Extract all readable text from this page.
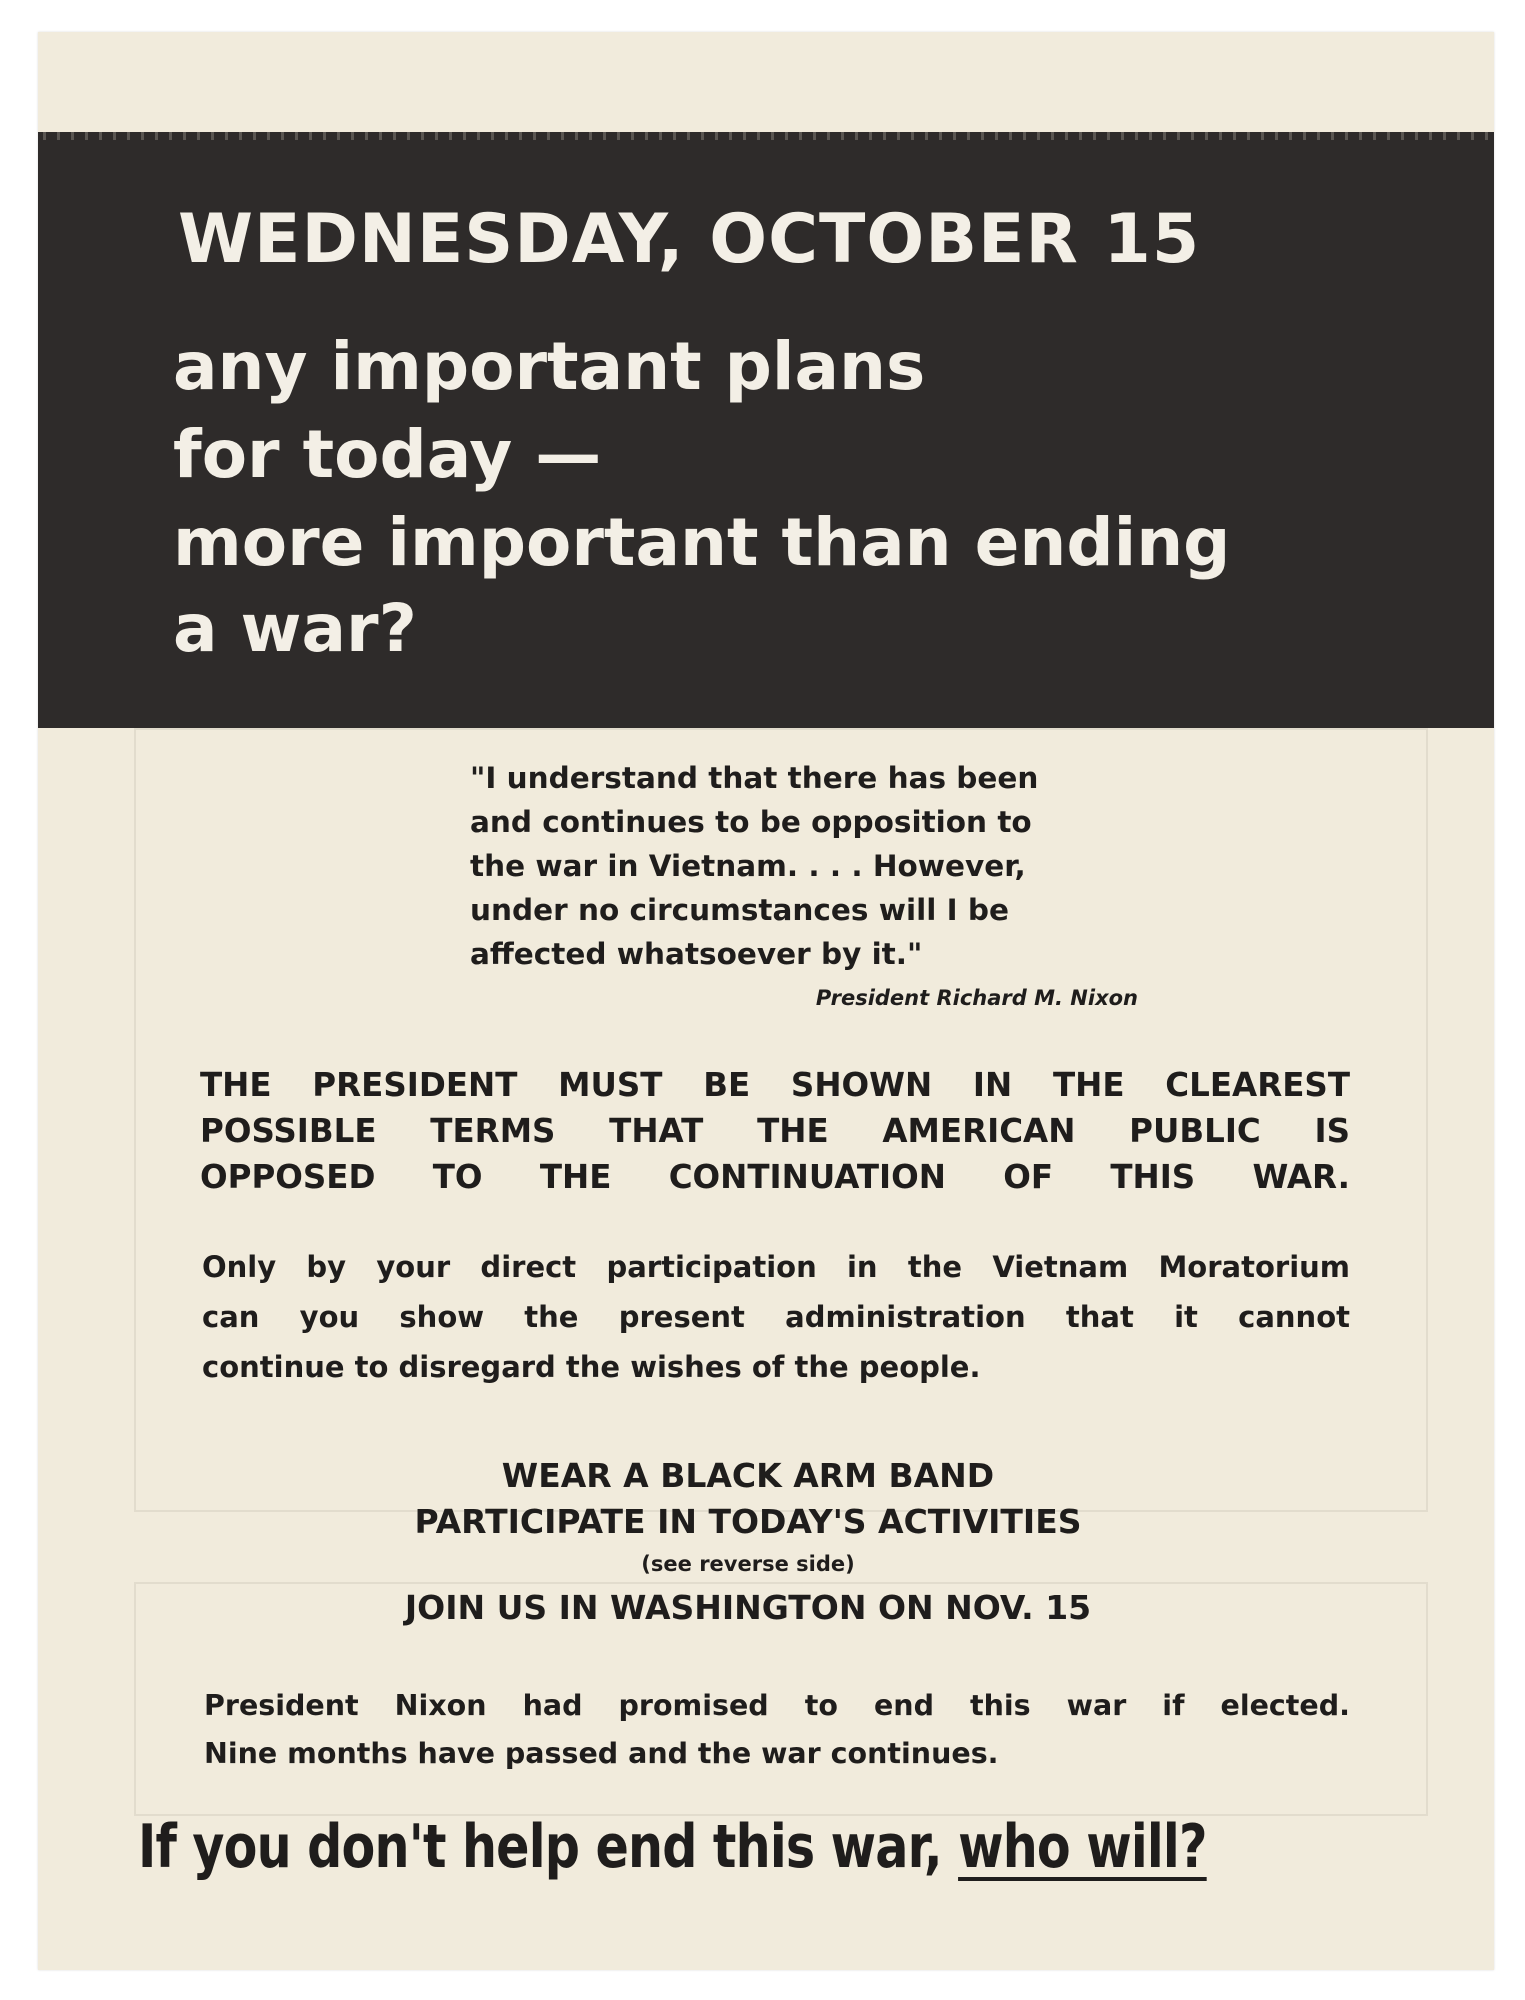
WEDNESDAY, OCTOBER 15

any important plans

for today —

more important than ending

a war?

"I understand that there has been
and continues to be opposition to
the war in Vietnam. . . . However,
under no circumstances will I be
affected whatsoever by it."

President Richard M. Nixon

THE PRESIDENT MUST BE SHOWN IN THE CLEAREST
POSSIBLE TERMS THAT THE AMERICAN PUBLIC IS
OPPOSED TO THE CONTINUATION OF THIS WAR.
Only by your direct participation in the Vietnam Moratorium
can you show the present administration that it cannot
continue to disregard the wishes of the people.

WEAR A BLACK ARM BAND

PARTICIPATE IN TODAY'S ACTIVITIES

(see reverse side)

JOIN US IN WASHINGTON ON NOV. 15

President Nixon had promised to end this war if elected.
Nine months have passed and the war continues.

If you don't help end this war, who will?
